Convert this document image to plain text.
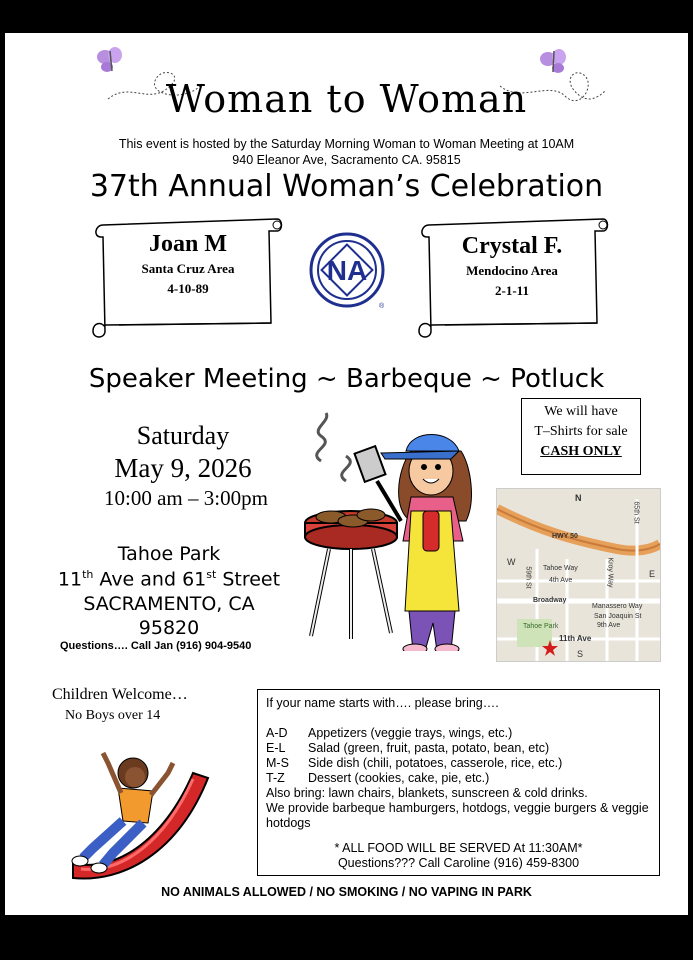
Woman to Woman
This event is hosted by the Saturday Morning Woman to Woman Meeting at 10AM
940 Eleanor Ave, Sacramento CA. 95815
37th Annual Woman’s Celebration
Joan M
Santa Cruz Area
4-10-89
NA
®
Crystal F.
Mendocino Area
2-1-11
Speaker Meeting ~ Barbeque ~ Potluck
We will have
T–Shirts for sale
CASH ONLY
Saturday
May 9, 2026
10:00 am – 3:00pm	N
HWY 50
Tahoe Way
4th Ave
Broadway
Manassero Way
San Joaquin St
9th Ave
11th Ave
Tahoe Park
W
E
S
59th St
65th St
Kroy Way
Tahoe Park
11th Ave and 61st Street
SACRAMENTO, CA
95820
Questions…. Call Jan (916) 904-9540
Children Welcome…
No Boys over 14
If your name starts with…. please bring….
A-D	Appetizers (veggie trays, wings, etc.)
E-L	Salad (green, fruit, pasta, potato, bean, etc)
M-S	Side dish (chili, potatoes, casserole, rice, etc.)
T-Z	Dessert (cookies, cake, pie, etc.)
Also bring: lawn chairs, blankets, sunscreen & cold drinks.
We provide barbeque hamburgers, hotdogs, veggie burgers & veggie hotdogs
* ALL FOOD WILL BE SERVED At 11:30AM*
Questions??? Call Caroline (916) 459-8300
NO ANIMALS ALLOWED / NO SMOKING / NO VAPING IN PARK
